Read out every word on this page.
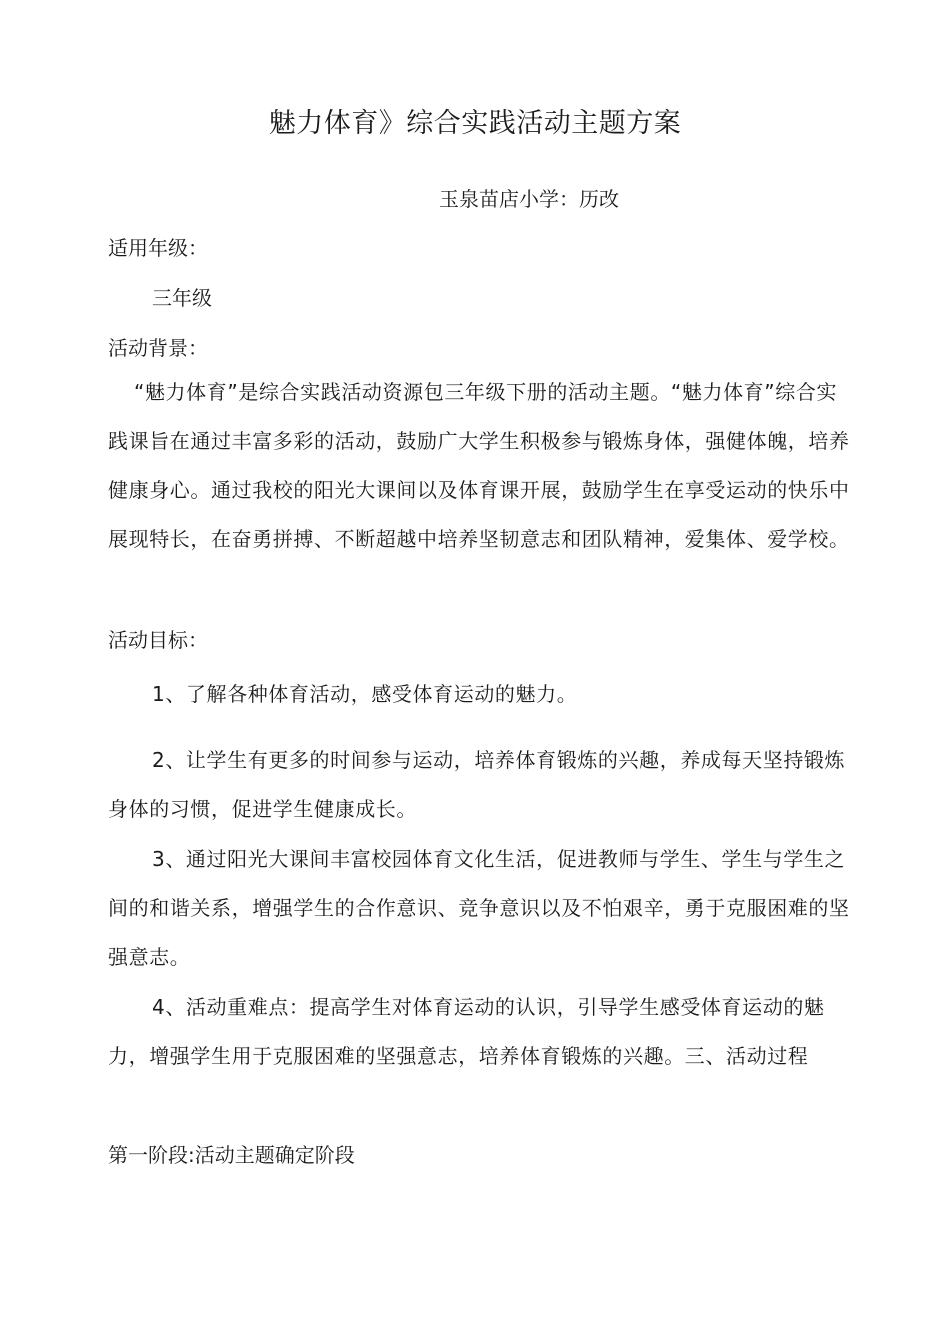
魅力体育》综合实践活动主题方案
玉泉苗店小学：历改
适用年级：
三年级
活动背景：
“魅力体育”是综合实践活动资源包三年级下册的活动主题。“魅力体育”综合实践课旨在通过丰富多彩的活动，鼓励广大学生积极参与锻炼身体，强健体魄，培养健康身心。通过我校的阳光大课间以及体育课开展，鼓励学生在享受运动的快乐中展现特长，在奋勇拼搏、不断超越中培养坚韧意志和团队精神，爱集体、爱学校。
活动目标：
1、了解各种体育活动，感受体育运动的魅力。
2、让学生有更多的时间参与运动，培养体育锻炼的兴趣，养成每天坚持锻炼身体的习惯，促进学生健康成长。
3、通过阳光大课间丰富校园体育文化生活，促进教师与学生、学生与学生之间的和谐关系，增强学生的合作意识、竞争意识以及不怕艰辛，勇于克服困难的坚强意志。
4、活动重难点：提高学生对体育运动的认识，引导学生感受体育运动的魅力，增强学生用于克服困难的坚强意志，培养体育锻炼的兴趣。三、活动过程
第一阶段:活动主题确定阶段
